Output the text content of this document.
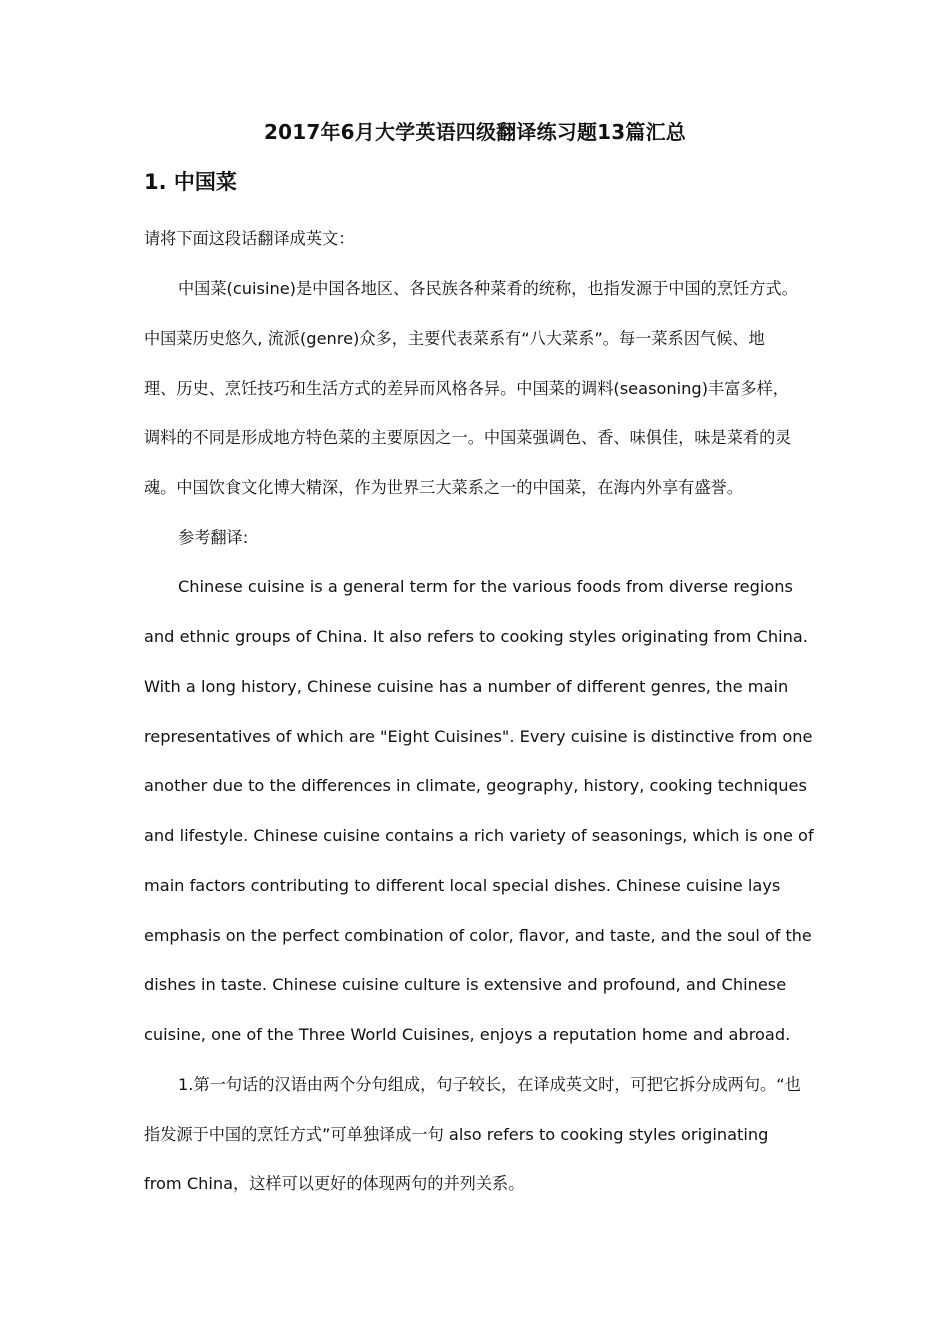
2017年6月大学英语四级翻译练习题13篇汇总
1. 中国菜
请将下面这段话翻译成英文：
中国菜(cuisine)是中国各地区、各民族各种菜肴的统称，也指发源于中国的烹饪方式。
中国菜历史悠久, 流派(genre)众多，主要代表菜系有“八大菜系”。每一菜系因气候、地
理、历史、烹饪技巧和生活方式的差异而风格各异。中国菜的调料(seasoning)丰富多样，
调料的不同是形成地方特色菜的主要原因之一。中国菜强调色、香、味俱佳，味是菜肴的灵
魂。中国饮食文化博大精深，作为世界三大菜系之一的中国菜，在海内外享有盛誉。
参考翻译:
Chinese cuisine is a general term for the various foods from diverse regions
and ethnic groups of China. It also refers to cooking styles originating from China.
With a long history, Chinese cuisine has a number of different genres, the main
representatives of which are "Eight Cuisines". Every cuisine is distinctive from one
another due to the differences in climate, geography, history, cooking techniques
and lifestyle. Chinese cuisine contains a rich variety of seasonings, which is one of
main factors contributing to different local special dishes. Chinese cuisine lays
emphasis on the perfect combination of color, flavor, and taste, and the soul of the
dishes in taste. Chinese cuisine culture is extensive and profound, and Chinese
cuisine, one of the Three World Cuisines, enjoys a reputation home and abroad.
1.第一句话的汉语由两个分句组成，句子较长，在译成英文时，可把它拆分成两句。“也
指发源于中国的烹饪方式”可单独译成一句 also refers to cooking styles originating
from China，这样可以更好的体现两句的并列关系。
